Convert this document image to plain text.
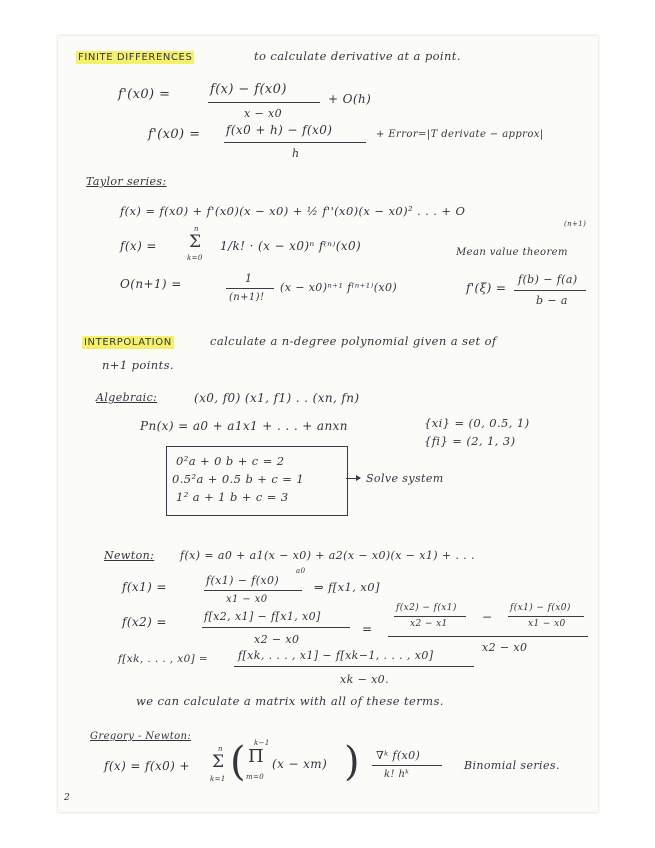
FINITE DIFFERENCES	to calculate derivative at a point.
f'(x0) =	f(x) − f(x0)
x − x0
+ O(h)
f'(x0) = f(x0 + h) − f(x0)
h
+ Error=|T derivate − approx|
Taylor series:
f(x) = f(x0) + f'(x0)(x − x0) + ½ f''(x0)(x − x0)² . . . + O
(n+1)
f(x) =
n
Σ
k=0
1/k! · (x − x0)ⁿ f⁽ⁿ⁾(x0)	Mean value theorem
O(n+1) =	1
(n+1)!
(x − x0)ⁿ⁺¹ f⁽ⁿ⁺¹⁾(x0)	f'(ξ) =
f(b) − f(a)
b − a
INTERPOLATION	calculate a n-degree polynomial given a set of
n+1 points.
Algebraic:	(x0, f0) (x1, f1) . . (xn, fn)
Pn(x) = a0 + a1x1 + . . . + anxn	{xi} = (0, 0.5, 1)
{fi} = (2, 1, 3)
0²a + 0 b + c = 2
0.5²a + 0.5 b + c = 1
1² a + 1 b + c = 3
Solve system
Newton: f(x) = a0 + a1(x − x0) + a2(x − x0)(x − x1) + . . .
a0
f(x1) =	f(x1) − f(x0)
x1 − x0
⇒ f[x1, x0]
f(x2) =	f[x2, x1] − f[x1, x0]
x2 − x0
=
f(x2) − f(x1)
x2 − x1	−
f(x1) − f(x0)
x1 − x0
x2 − x0
f[xk, . . . , x0] =	f[xk, . . . , x1] − f[xk−1, . . . , x0]
xk − x0.
we can calculate a matrix with all of these terms.
Gregory - Newton:
f(x) = f(x0) +
n
Σ
k=1 ( k−1
Π
m=0
(x − xm) ) ∇ᵏ f(x0)
k! hᵏ
Binomial series.
2
